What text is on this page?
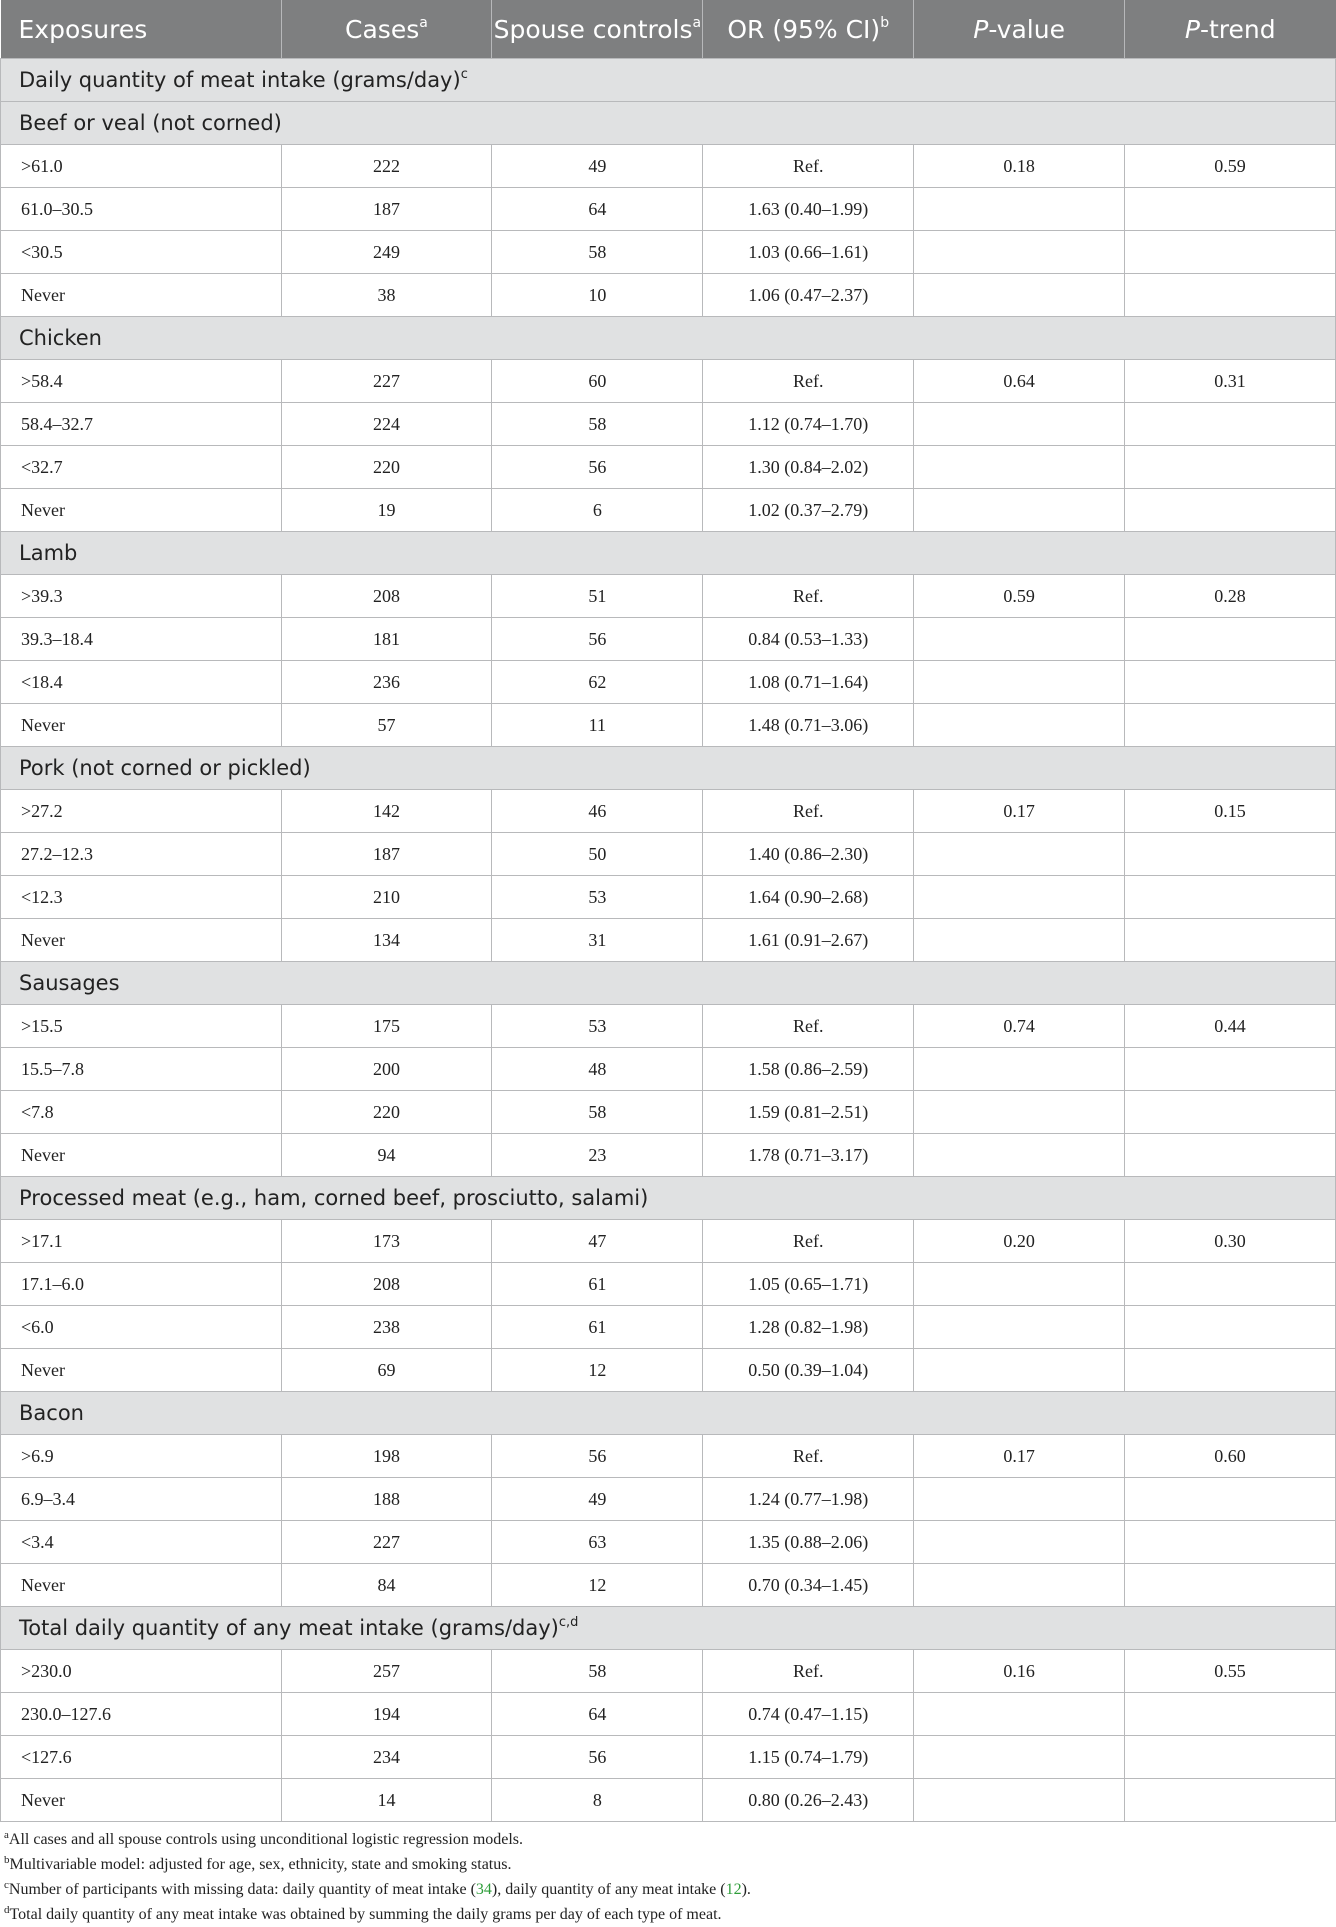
Exposures	Cases$^a$	Spouse controls$^a$	OR (95% CI)$^b$	P-value	P-trend
Daily quantity of meat intake (grams/day)$^c$
Beef or veal (not corned)					
>61.0	222	49	Ref.	0.18	0.59
61.0–30.5	187	64	1.63 (0.40–1.99)		
<30.5	249	58	1.03 (0.66–1.61)		
Never	38	10	1.06 (0.47–2.37)		
Chicken					
>58.4	227	60	Ref.	0.64	0.31
58.4–32.7	224	58	1.12 (0.74–1.70)		
<32.7	220	56	1.30 (0.84–2.02)		
Never	19	6	1.02 (0.37–2.79)		
Lamb					
>39.3	208	51	Ref.	0.59	0.28
39.3–18.4	181	56	0.84 (0.53–1.33)		
<18.4	236	62	1.08 (0.71–1.64)		
Never	57	11	1.48 (0.71–3.06)		
Pork (not corned or pickled)					
>27.2	142	46	Ref.	0.17	0.15
27.2–12.3	187	50	1.40 (0.86–2.30)		
<12.3	210	53	1.64 (0.90–2.68)		
Never	134	31	1.61 (0.91–2.67)		
Sausages					
>15.5	175	53	Ref.	0.74	0.44
15.5–7.8	200	48	1.58 (0.86–2.59)		
<7.8	220	58	1.59 (0.81–2.51)		
Never	94	23	1.78 (0.71–3.17)		
Processed meat (e.g., ham, corned beef, prosciutto, salami)					
>17.1	173	47	Ref.	0.20	0.30
17.1–6.0	208	61	1.05 (0.65–1.71)		
<6.0	238	61	1.28 (0.82–1.98)		
Never	69	12	0.50 (0.39–1.04)		
Bacon					
>6.9	198	56	Ref.	0.17	0.60
6.9–3.4	188	49	1.24 (0.77–1.98)		
<3.4	227	63	1.35 (0.88–2.06)		
Never	84	12	0.70 (0.34–1.45)		
Total daily quantity of any meat intake (grams/day)$^{c,d}$
>230.0	257	58	Ref.	0.16	0.55
230.0–127.6	194	64	0.74 (0.47–1.15)		
<127.6	234	56	1.15 (0.74–1.79)		
Never	14	8	0.80 (0.26–2.43)		
$^a$All cases and all spouse controls using unconditional logistic regression models.
$^b$Multivariable model: adjusted for age, sex, ethnicity, state and smoking status.
$^c$Number of participants with missing data: daily quantity of meat intake (34), daily quantity of any meat intake (12).
$^d$Total daily quantity of any meat intake was obtained by summing the daily grams per day of each type of meat.
